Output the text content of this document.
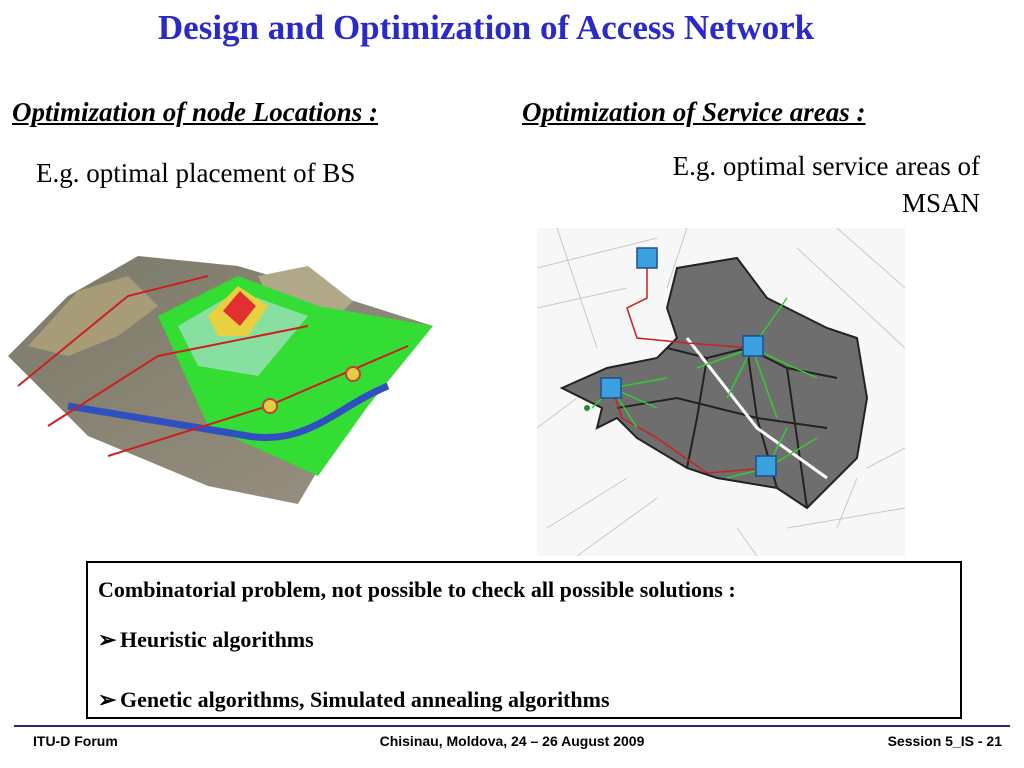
Design and Optimization of Access Network
Optimization of node Locations :	Optimization of Service areas :
E.g. optimal placement of BS	E.g. optimal service areas of
MSAN
Combinatorial problem, not possible to check all possible solutions :
➢ Heuristic algorithms
➢ Genetic algorithms, Simulated annealing algorithms
ITU-D Forum	Chisinau, Moldova, 24 – 26 August 2009	Session 5_IS - 21
